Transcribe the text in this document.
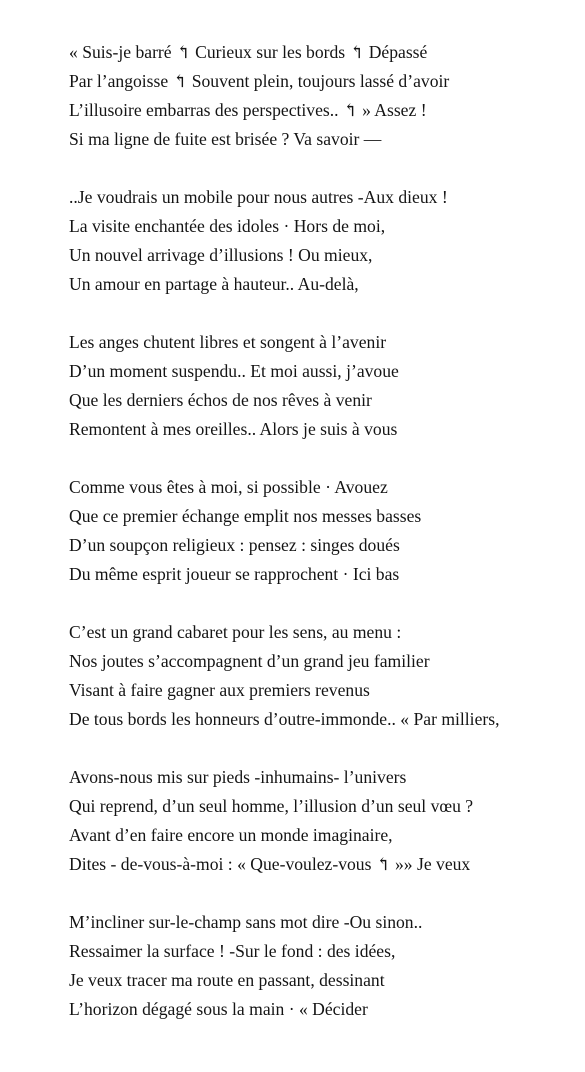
« Suis-je barré ↰ Curieux sur les bords ↰ Dépassé
Par l’angoisse ↰ Souvent plein, toujours lassé d’avoir
L’illusoire embarras des perspectives.. ↰ » Assez !
Si ma ligne de fuite est brisée ? Va savoir —
..Je voudrais un mobile pour nous autres -Aux dieux !
La visite enchantée des idoles · Hors de moi,
Un nouvel arrivage d’illusions ! Ou mieux,
Un amour en partage à hauteur.. Au-delà,
Les anges chutent libres et songent à l’avenir
D’un moment suspendu.. Et moi aussi, j’avoue
Que les derniers échos de nos rêves à venir
Remontent à mes oreilles.. Alors je suis à vous
Comme vous êtes à moi, si possible · Avouez
Que ce premier échange emplit nos messes basses
D’un soupçon religieux : pensez : singes doués
Du même esprit joueur se rapprochent · Ici bas
C’est un grand cabaret pour les sens, au menu :
Nos joutes s’accompagnent d’un grand jeu familier
Visant à faire gagner aux premiers revenus
De tous bords les honneurs d’outre-immonde.. « Par milliers,
Avons-nous mis sur pieds -inhumains- l’univers
Qui reprend, d’un seul homme, l’illusion d’un seul vœu ?
Avant d’en faire encore un monde imaginaire,
Dites - de-vous-à-moi : « Que-voulez-vous ↰ »» Je veux
M’incliner sur-le-champ sans mot dire -Ou sinon..
Ressaimer la surface ! -Sur le fond : des idées,
Je veux tracer ma route en passant, dessinant
L’horizon dégagé sous la main · « Décider
